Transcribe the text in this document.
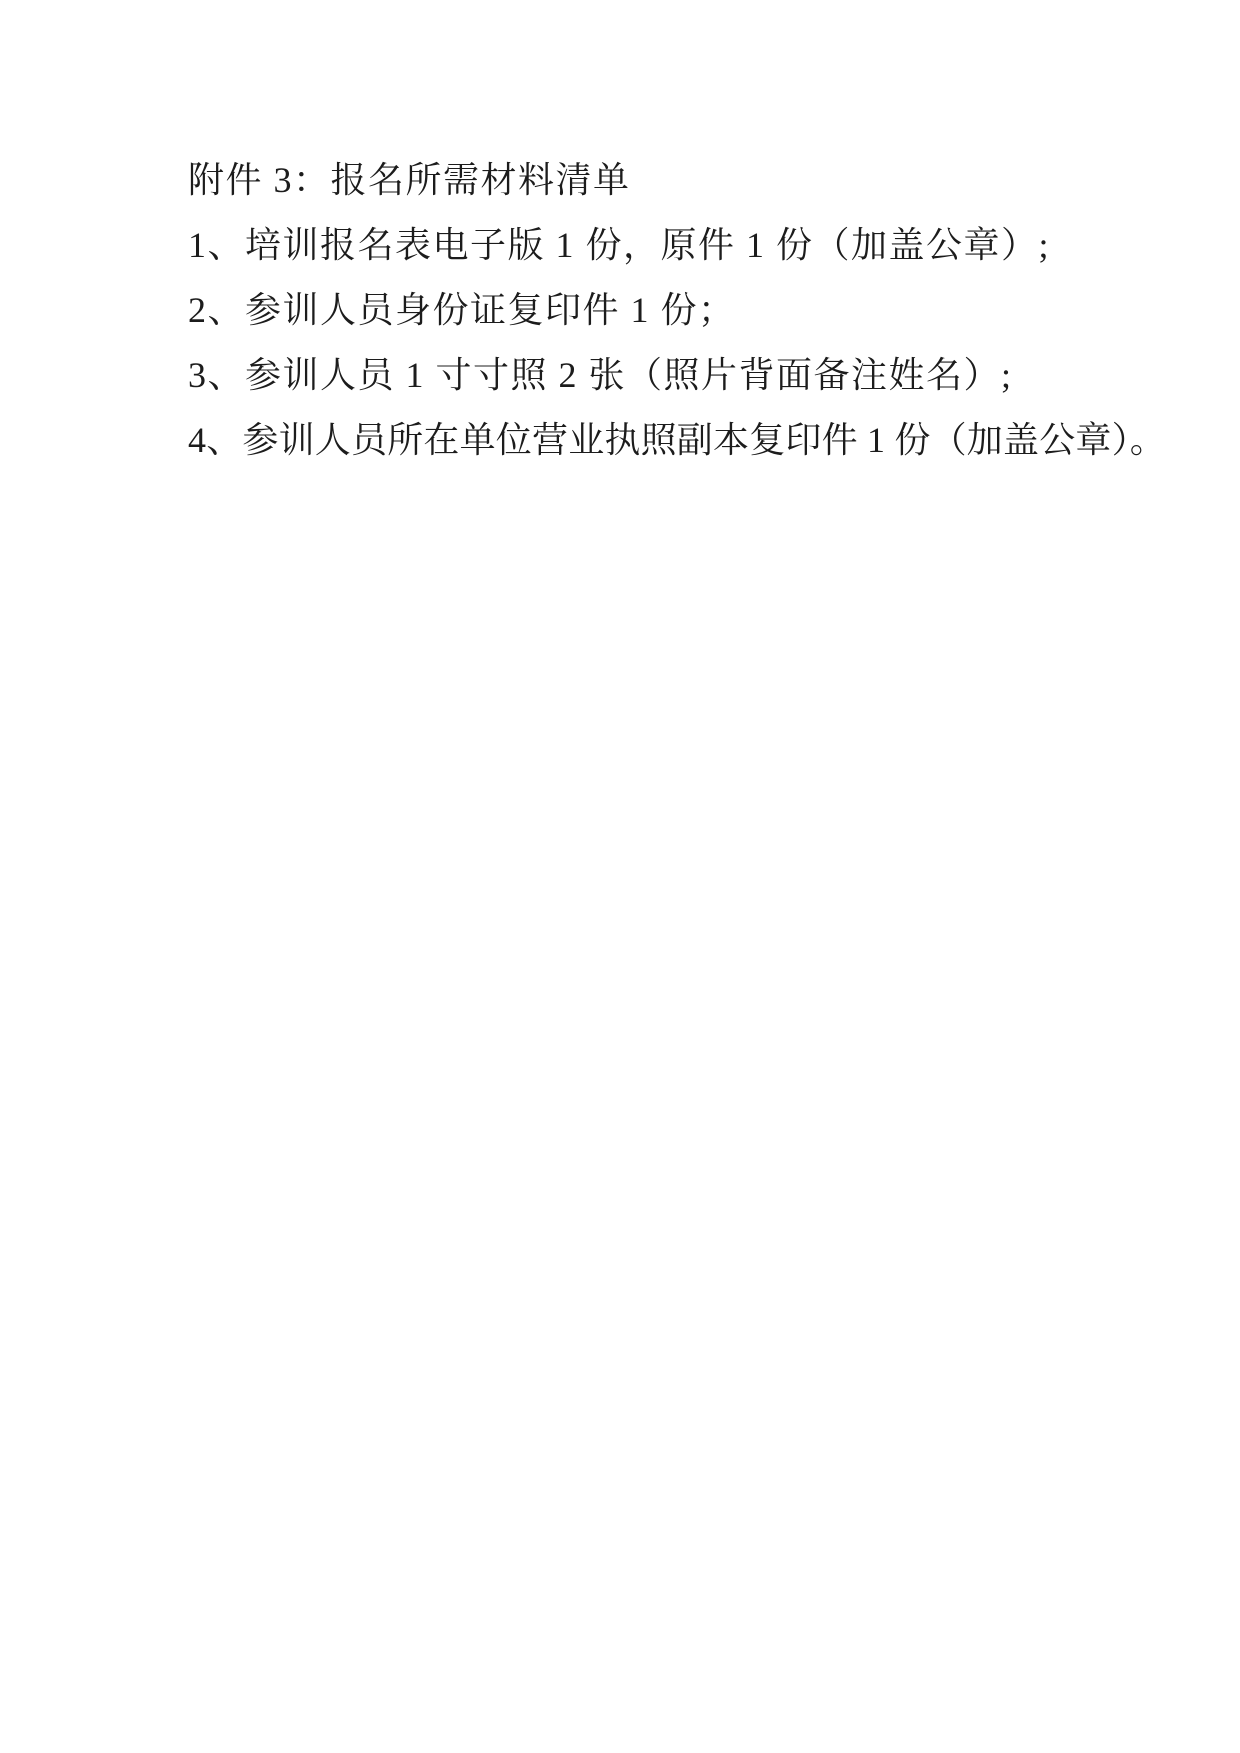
附件 3：报名所需材料清单

1、培训报名表电子版 1 份，原件 1 份（加盖公章）;

2、参训人员身份证复印件 1 份；

3、参训人员 1 寸寸照 2 张（照片背面备注姓名）;

4、参训人员所在单位营业执照副本复印件 1 份（加盖公章）。
